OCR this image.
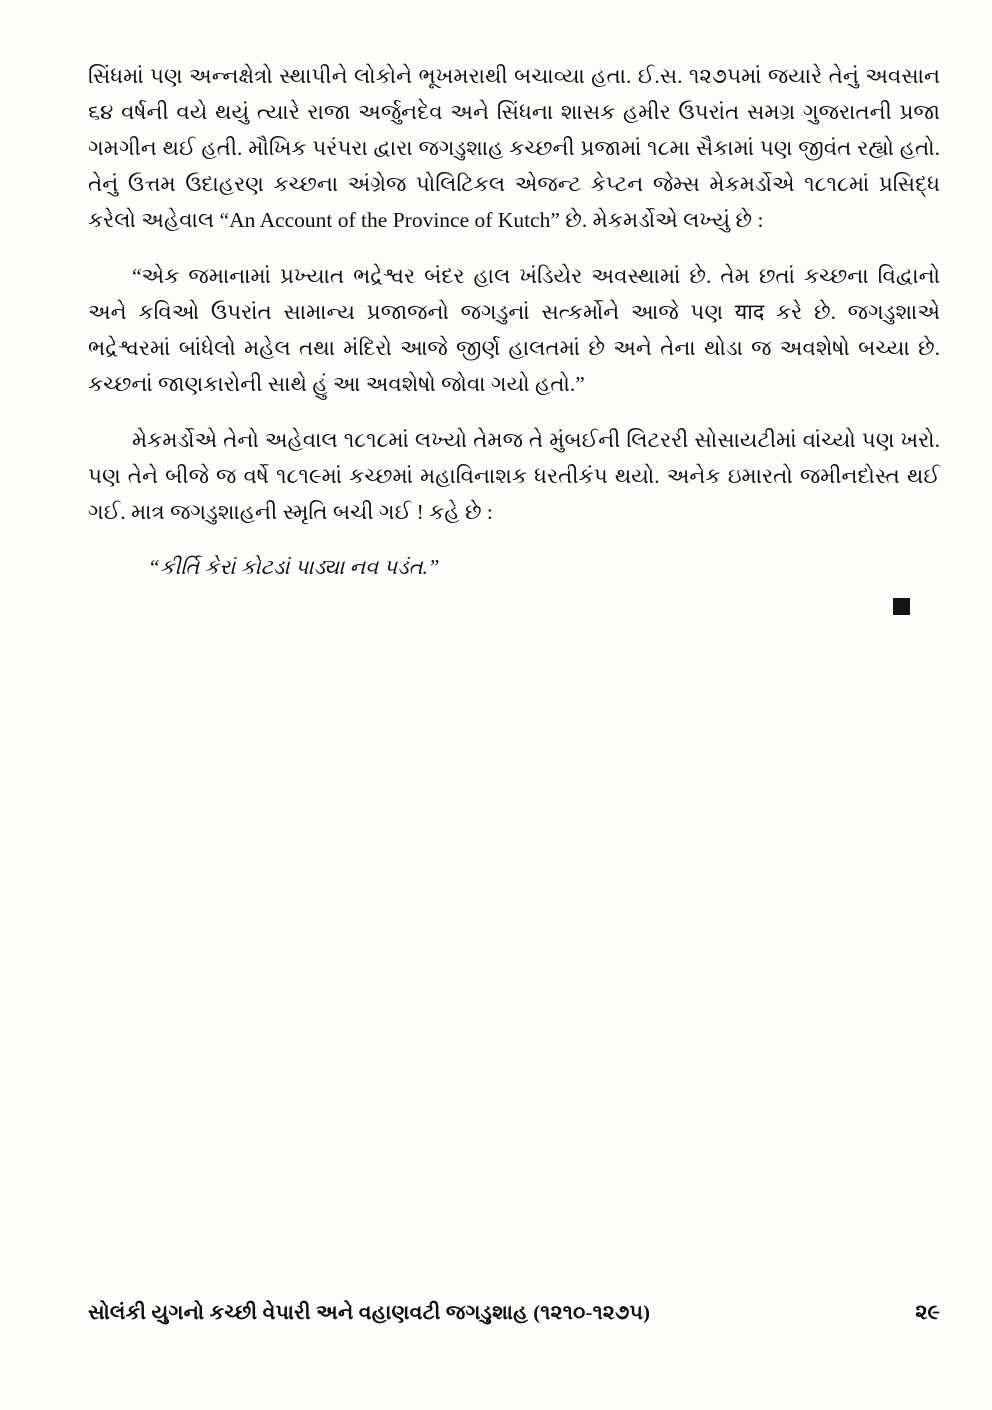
સિંધમાં પણ અન્નક્ષેત્રો સ્થાપીને લોકોને ભૂખમરાથી બચાવ્યા હતા. ઈ.સ. ૧૨૭૫માં જયારે તેનું અવસાન ૬૪ વર્ષની વયે થયું ત્યારે રાજા અર્જુનદેવ અને સિંધના શાસક હમીર ઉપરાંત સમગ્ર ગુજરાતની પ્રજા ગમગીન થઈ હતી. મૌખિક પરંપરા દ્વારા જગડુશાહ કચ્છની પ્રજામાં ૧૮મા સૈકામાં પણ જીવંત રહ્યો હતો. તેનું ઉત્તમ ઉદાહરણ કચ્છના અંગ્રેજ પોલિટિકલ એજન્ટ કેપ્ટન જેમ્સ મેકમર્ડોએ ૧૮૧૮માં પ્રસિદ્ધ કરેલો અહેવાલ “An Account of the Province of Kutch” છે. મેકમર્ડોએ લખ્યું છે :

“એક જમાનામાં પ્રખ્યાત ભદ્રેશ્વર બંદર હાલ ખંડિયેર અવસ્થામાં છે. તેમ છતાં કચ્છના વિદ્વાનો અને કવિઓ ઉપરાંત સામાન્ય પ્રજાજનો જગડુનાં સત્કર્મોને આજે પણ याद કરે છે. જગડુશાએ ભદ્રેશ્વરમાં બાંધેલો મહેલ તથા મંદિરો આજે જીર્ણ હાલતમાં છે અને તેના થોડા જ અવશેષો બચ્યા છે. કચ્છનાં જાણકારોની સાથે હું આ અવશેષો જોવા ગયો હતો.”

મેકમર્ડોએ તેનો અહેવાલ ૧૮૧૮માં લખ્યો તેમજ તે મુંબઈની લિટરરી સોસાયટીમાં વાંચ્યો પણ ખરો. પણ તેને બીજે જ વર્ષે ૧૮૧૯માં કચ્છમાં મહાવિનાશક ધરતીકંપ થયો. અનેક ઇમારતો જમીનદોસ્ત થઈ ગઈ. માત્ર જગડુશાહની સ્મૃતિ બચી ગઈ ! કહે છે :

“કીર્તિ કેરાં કોટડાં પાડ્યા નવ પડંત.”

સોલંકી યુગનો કચ્છી વેપારી અને વહાણવટી જગડુશાહ (૧૨૧૦-૧૨૭૫)	૨૯
